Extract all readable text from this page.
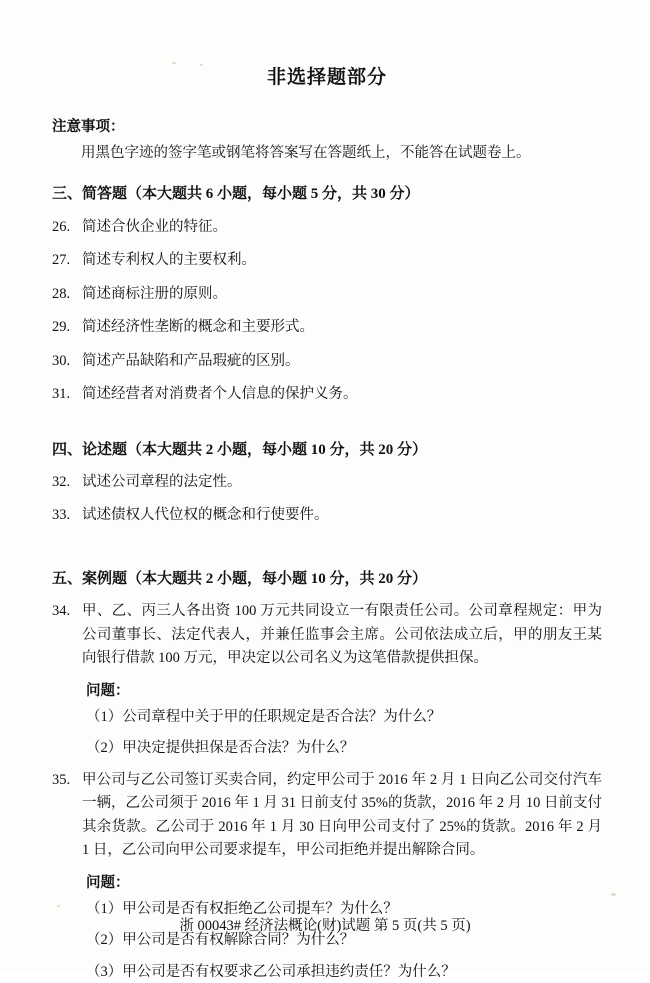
非选择题部分
注意事项：
用黑色字迹的签字笔或钢笔将答案写在答题纸上，不能答在试题卷上。
三、简答题（本大题共 6 小题，每小题 5 分，共 30 分）
26. 简述合伙企业的特征。
27. 简述专利权人的主要权利。
28. 简述商标注册的原则。
29. 简述经济性垄断的概念和主要形式。
30. 简述产品缺陷和产品瑕疵的区别。
31. 简述经营者对消费者个人信息的保护义务。
四、论述题（本大题共 2 小题，每小题 10 分，共 20 分）
32. 试述公司章程的法定性。
33. 试述债权人代位权的概念和行使要件。
五、案例题（本大题共 2 小题，每小题 10 分，共 20 分）
34. 甲、乙、丙三人各出资 100 万元共同设立一有限责任公司。公司章程规定：甲为公司董事长、法定代表人，并兼任监事会主席。公司依法成立后，甲的朋友王某向银行借款 100 万元，甲决定以公司名义为这笔借款提供担保。
问题：
（1）公司章程中关于甲的任职规定是否合法？为什么？
（2）甲决定提供担保是否合法？为什么？
35. 甲公司与乙公司签订买卖合同，约定甲公司于 2016 年 2 月 1 日向乙公司交付汽车一辆，乙公司须于 2016 年 1 月 31 日前支付 35%的货款，2016 年 2 月 10 日前支付其余货款。乙公司于 2016 年 1 月 30 日向甲公司支付了 25%的货款。2016 年 2 月 1 日，乙公司向甲公司要求提车，甲公司拒绝并提出解除合同。
问题：
（1）甲公司是否有权拒绝乙公司提车？为什么？
（2）甲公司是否有权解除合同？为什么？
（3）甲公司是否有权要求乙公司承担违约责任？为什么？
浙 00043# 经济法概论(财)试题 第 5 页(共 5 页)
